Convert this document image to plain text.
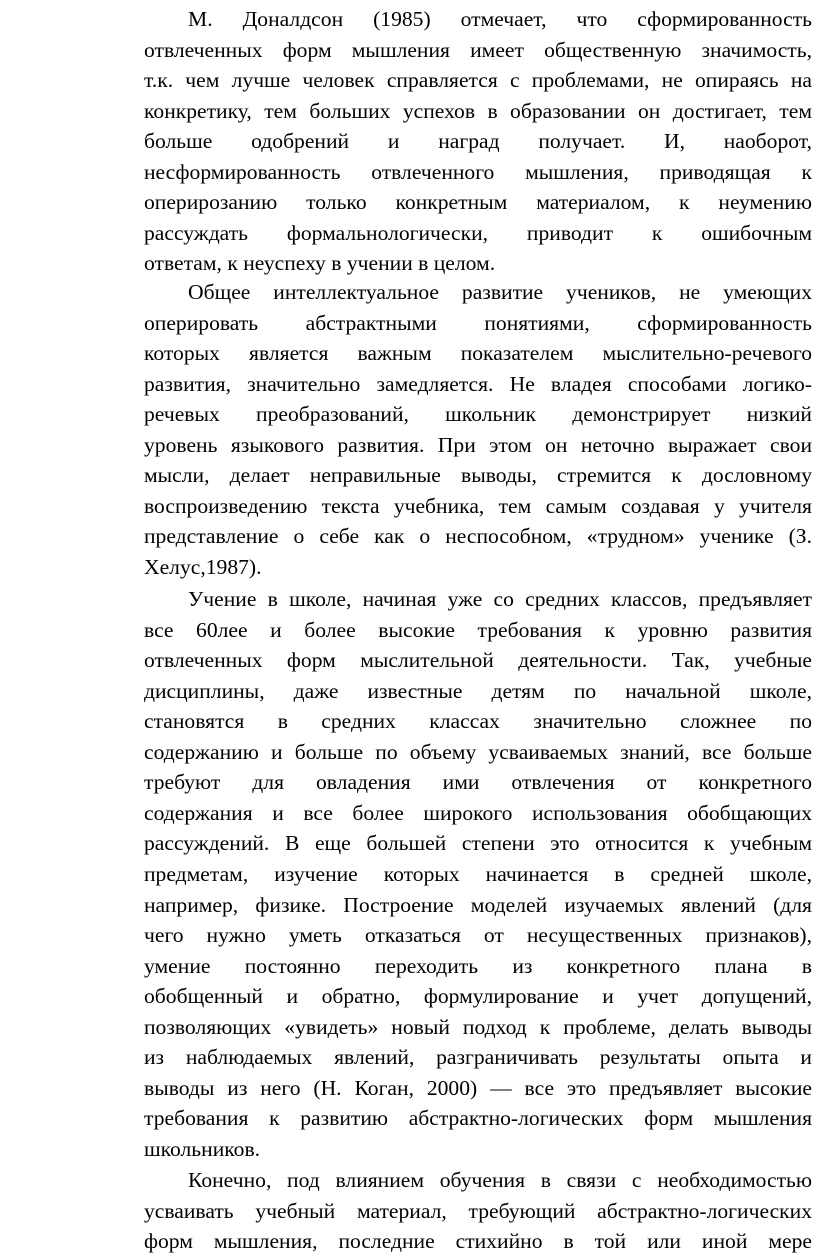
М. Доналдсон (1985) отмечает, что сформированность
отвлеченных форм мышления имеет общественную значимость,
т.к. чем лучше человек справляется с проблемами, не опираясь на
конкретику, тем больших успехов в образовании он достигает, тем
больше одобрений и наград получает. И, наоборот,
несформированность отвлеченного мышления, приводящая к
оперирозанию только конкретным материалом, к неумению
рассуждать формальнологически, приводит к ошибочным
ответам, к неуспеху в учении в целом.
Общее интеллектуальное развитие учеников, не умеющих
оперировать абстрактными понятиями, сформированность
которых является важным показателем мыслительно-речевого
развития, значительно замедляется. Не владея способами логико-
речевых преобразований, школьник демонстрирует низкий
уровень языкового развития. При этом он неточно выражает свои
мысли, делает неправильные выводы, стремится к дословному
воспроизведению текста учебника, тем самым создавая у учителя
представление о себе как о неспособном, «трудном» ученике (З.
Хелус,1987).
Учение в школе, начиная уже со средних классов, предъявляет
все 60лее и более высокие требования к уровню развития
отвлеченных форм мыслительной деятельности. Так, учебные
дисциплины, даже известные детям по начальной школе,
становятся в средних классах значительно сложнее по
содержанию и больше по объему усваиваемых знаний, все больше
требуют для овладения ими отвлечения от конкретного
содержания и все более широкого использования обобщающих
рассуждений. В еще большей степени это относится к учебным
предметам, изучение которых начинается в средней школе,
например, физике. Построение моделей изучаемых явлений (для
чего нужно уметь отказаться от несущественных признаков),
умение постоянно переходить из конкретного плана в
обобщенный и обратно, формулирование и учет допущений,
позволяющих «увидеть» новый подход к проблеме, делать выводы
из наблюдаемых явлений, разграничивать результаты опыта и
выводы из него (Н. Коган, 2000) — все это предъявляет высокие
требования к развитию абстрактно-логических форм мышления
школьников.
Конечно, под влиянием обучения в связи с необходимостью
усваивать учебный материал, требующий абстрактно-логических
форм мышления, последние стихийно в той или иной мере
